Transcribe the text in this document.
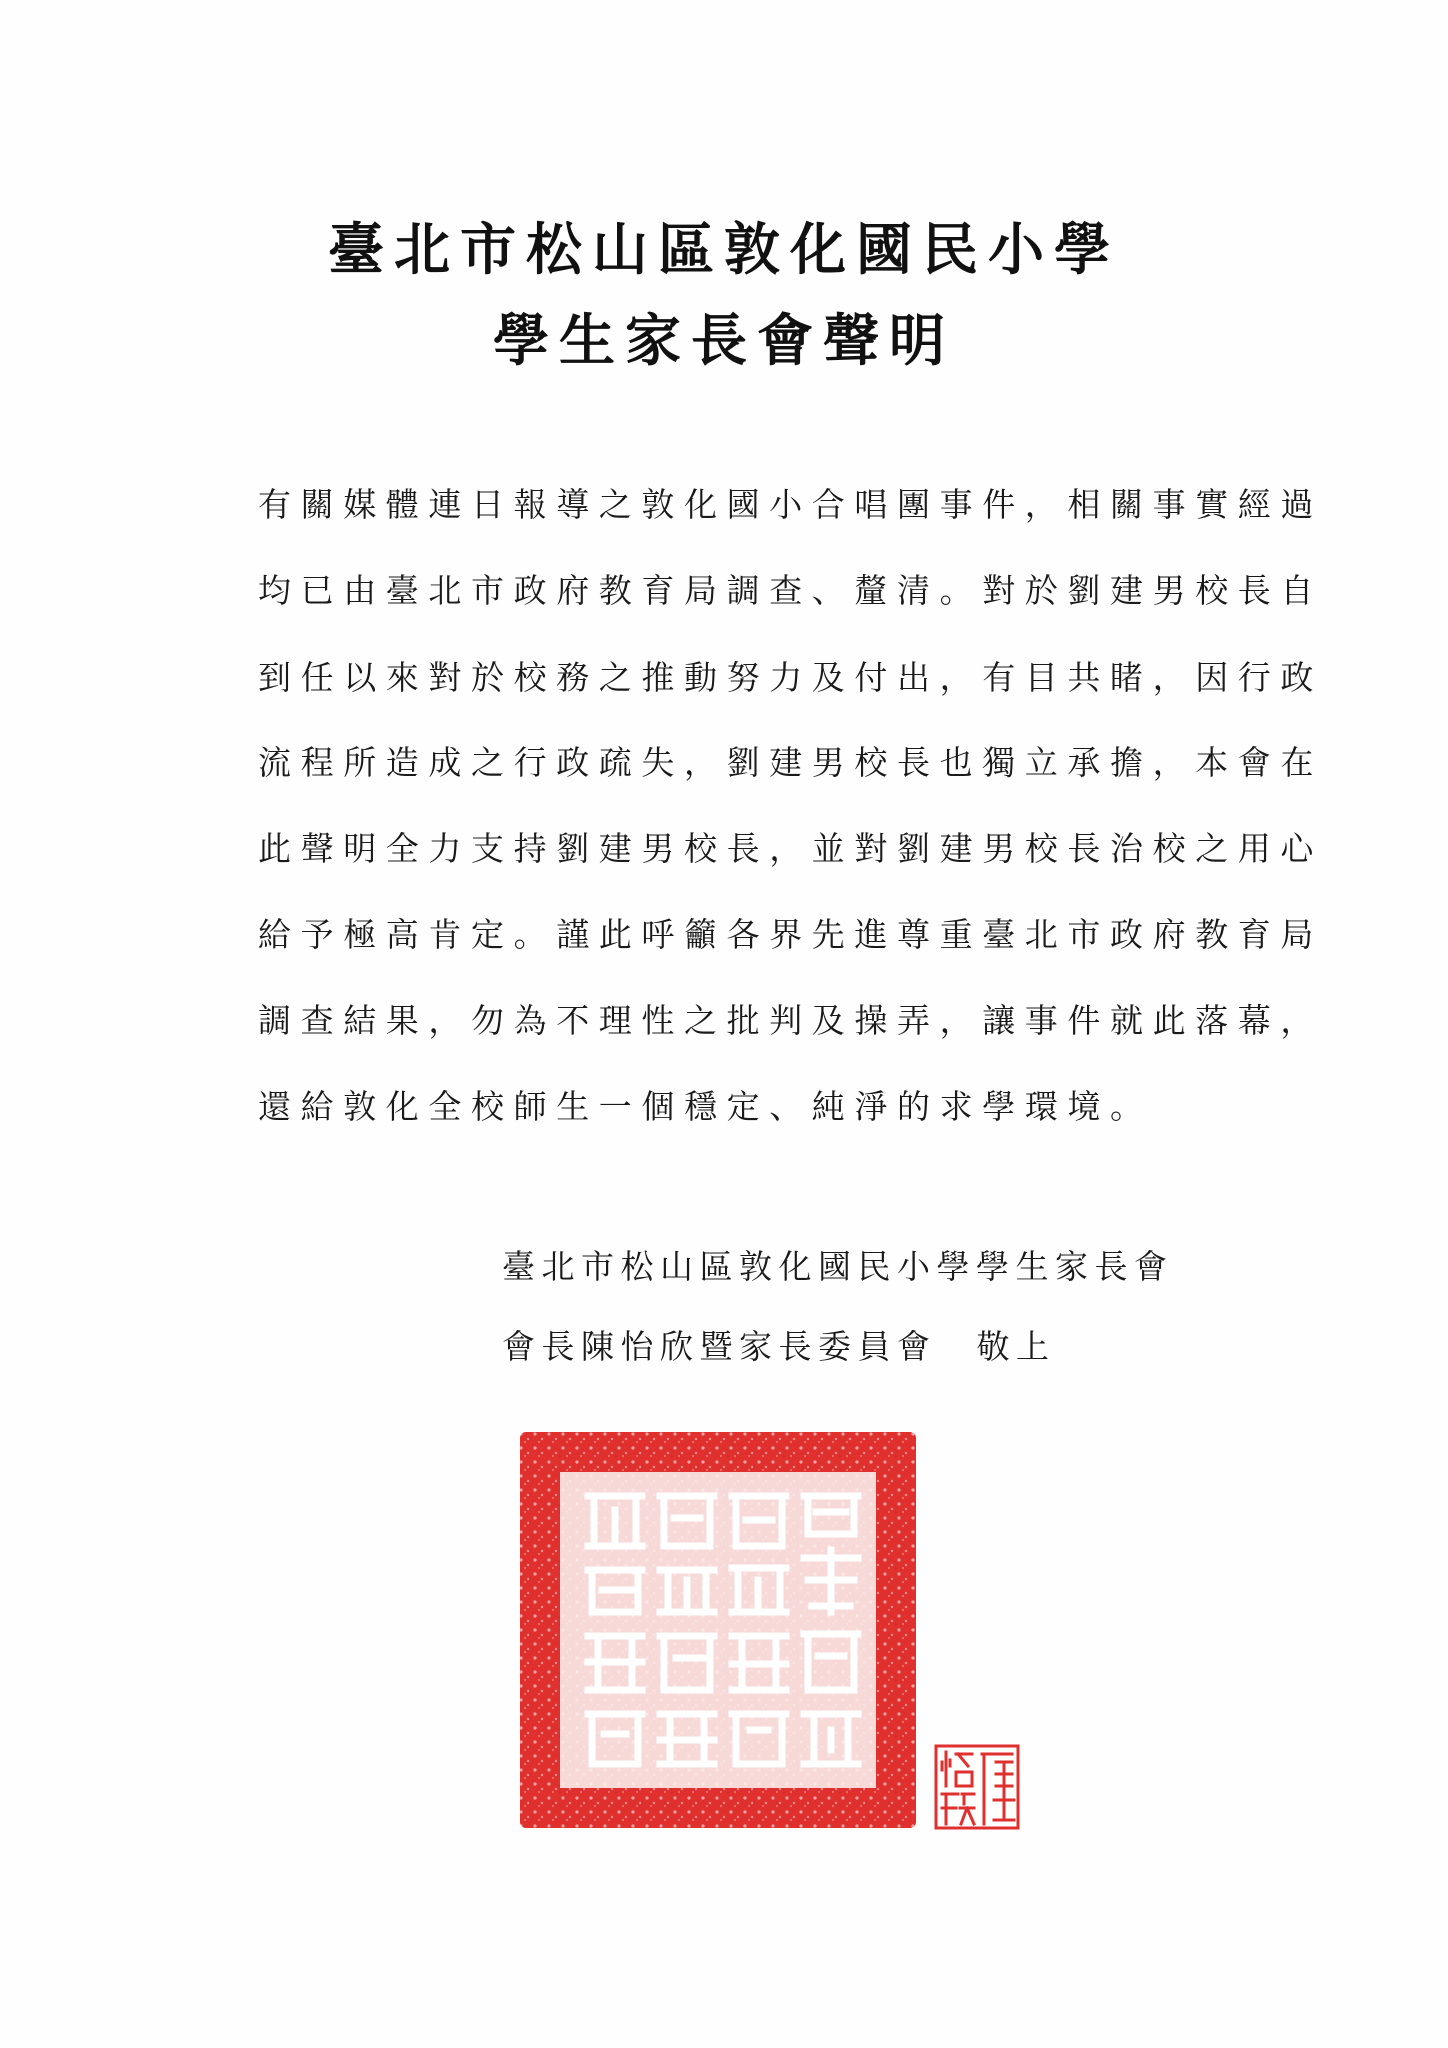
臺北市松山區敦化國民小學
學生家長會聲明
有關媒體連日報導之敦化國小合唱團事件，相關事實經過
均已由臺北市政府教育局調查、釐清。對於劉建男校長自
到任以來對於校務之推動努力及付出，有目共睹，因行政
流程所造成之行政疏失，劉建男校長也獨立承擔，本會在
此聲明全力支持劉建男校長，並對劉建男校長治校之用心
給予極高肯定。謹此呼籲各界先進尊重臺北市政府教育局
調查結果，勿為不理性之批判及操弄，讓事件就此落幕，
還給敦化全校師生一個穩定、純淨的求學環境。
臺北市松山區敦化國民小學學生家長會
會長陳怡欣暨家長委員會 敬上
